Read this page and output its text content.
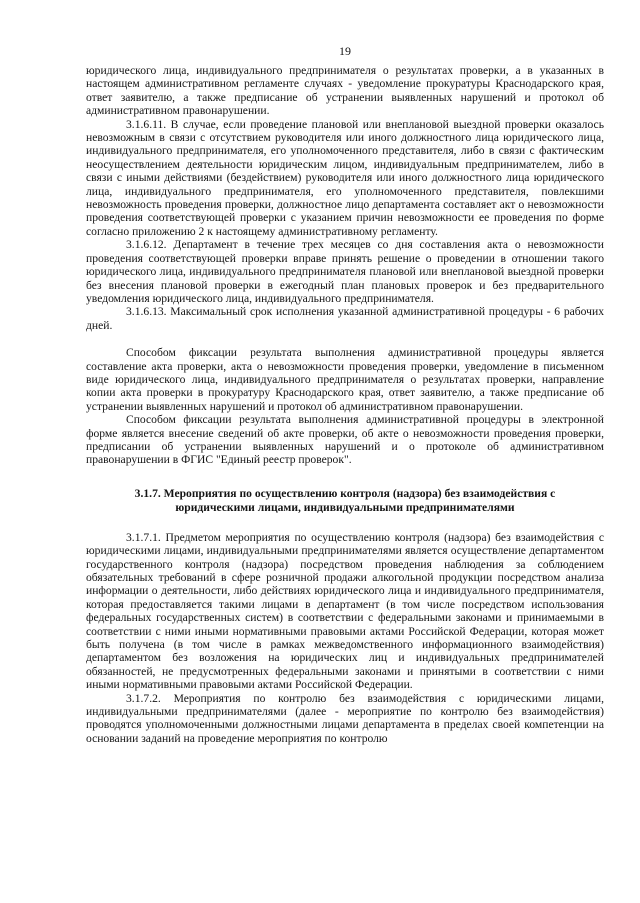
19

юридического лица, индивидуального предпринимателя о результатах проверки, а в указанных в настоящем административном регламенте случаях - уведомление прокуратуры Краснодарского края, ответ заявителю, а также предписание об устранении выявленных нарушений и протокол об административном правонарушении.

3.1.6.11. В случае, если проведение плановой или внеплановой выездной проверки оказалось невозможным в связи с отсутствием руководителя или иного должностного лица юридического лица, индивидуального предпринимателя, его уполномоченного представителя, либо в связи с фактическим неосуществлением деятельности юридическим лицом, индивидуальным предпринимателем, либо в связи с иными действиями (бездействием) руководителя или иного должностного лица юридического лица, индивидуального предпринимателя, его уполномоченного представителя, повлекшими невозможность проведения проверки, должностное лицо департамента составляет акт о невозможности проведения соответствующей проверки с указанием причин невозможности ее проведения по форме согласно приложению 2 к настоящему административному регламенту.

3.1.6.12. Департамент в течение трех месяцев со дня составления акта о невозможности проведения соответствующей проверки вправе принять решение о проведении в отношении такого юридического лица, индивидуального предпринимателя плановой или внеплановой выездной проверки без внесения плановой проверки в ежегодный план плановых проверок и без предварительного уведомления юридического лица, индивидуального предпринимателя.

3.1.6.13. Максимальный срок исполнения указанной административной процедуры - 6 рабочих дней.

Способом фиксации результата выполнения административной процедуры является составление акта проверки, акта о невозможности проведения проверки, уведомление в письменном виде юридического лица, индивидуального предпринимателя о результатах проверки, направление копии акта проверки в прокуратуру Краснодарского края, ответ заявителю, а также предписание об устранении выявленных нарушений и протокол об административном правонарушении.

Способом фиксации результата выполнения административной процедуры в электронной форме является внесение сведений об акте проверки, об акте о невозможности проведения проверки, предписании об устранении выявленных нарушений и о протоколе об административном правонарушении в ФГИС "Единый реестр проверок".

3.1.7. Мероприятия по осуществлению контроля (надзора) без взаимодействия с юридическими лицами, индивидуальными предпринимателями

3.1.7.1. Предметом мероприятия по осуществлению контроля (надзора) без взаимодействия с юридическими лицами, индивидуальными предпринимателями является осуществление департаментом государственного контроля (надзора) посредством проведения наблюдения за соблюдением обязательных требований в сфере розничной продажи алкогольной продукции посредством анализа информации о деятельности, либо действиях юридического лица и индивидуального предпринимателя, которая предоставляется такими лицами в департамент (в том числе посредством использования федеральных государственных систем) в соответствии с федеральными законами и принимаемыми в соответствии с ними иными нормативными правовыми актами Российской Федерации, которая может быть получена (в том числе в рамках межведомственного информационного взаимодействия) департаментом без возложения на юридических лиц и индивидуальных предпринимателей обязанностей, не предусмотренных федеральными законами и принятыми в соответствии с ними иными нормативными правовыми актами Российской Федерации.

3.1.7.2. Мероприятия по контролю без взаимодействия с юридическими лицами, индивидуальными предпринимателями (далее - мероприятие по контролю без взаимодействия) проводятся уполномоченными должностными лицами департамента в пределах своей компетенции на основании заданий на проведение мероприятия по контролю
